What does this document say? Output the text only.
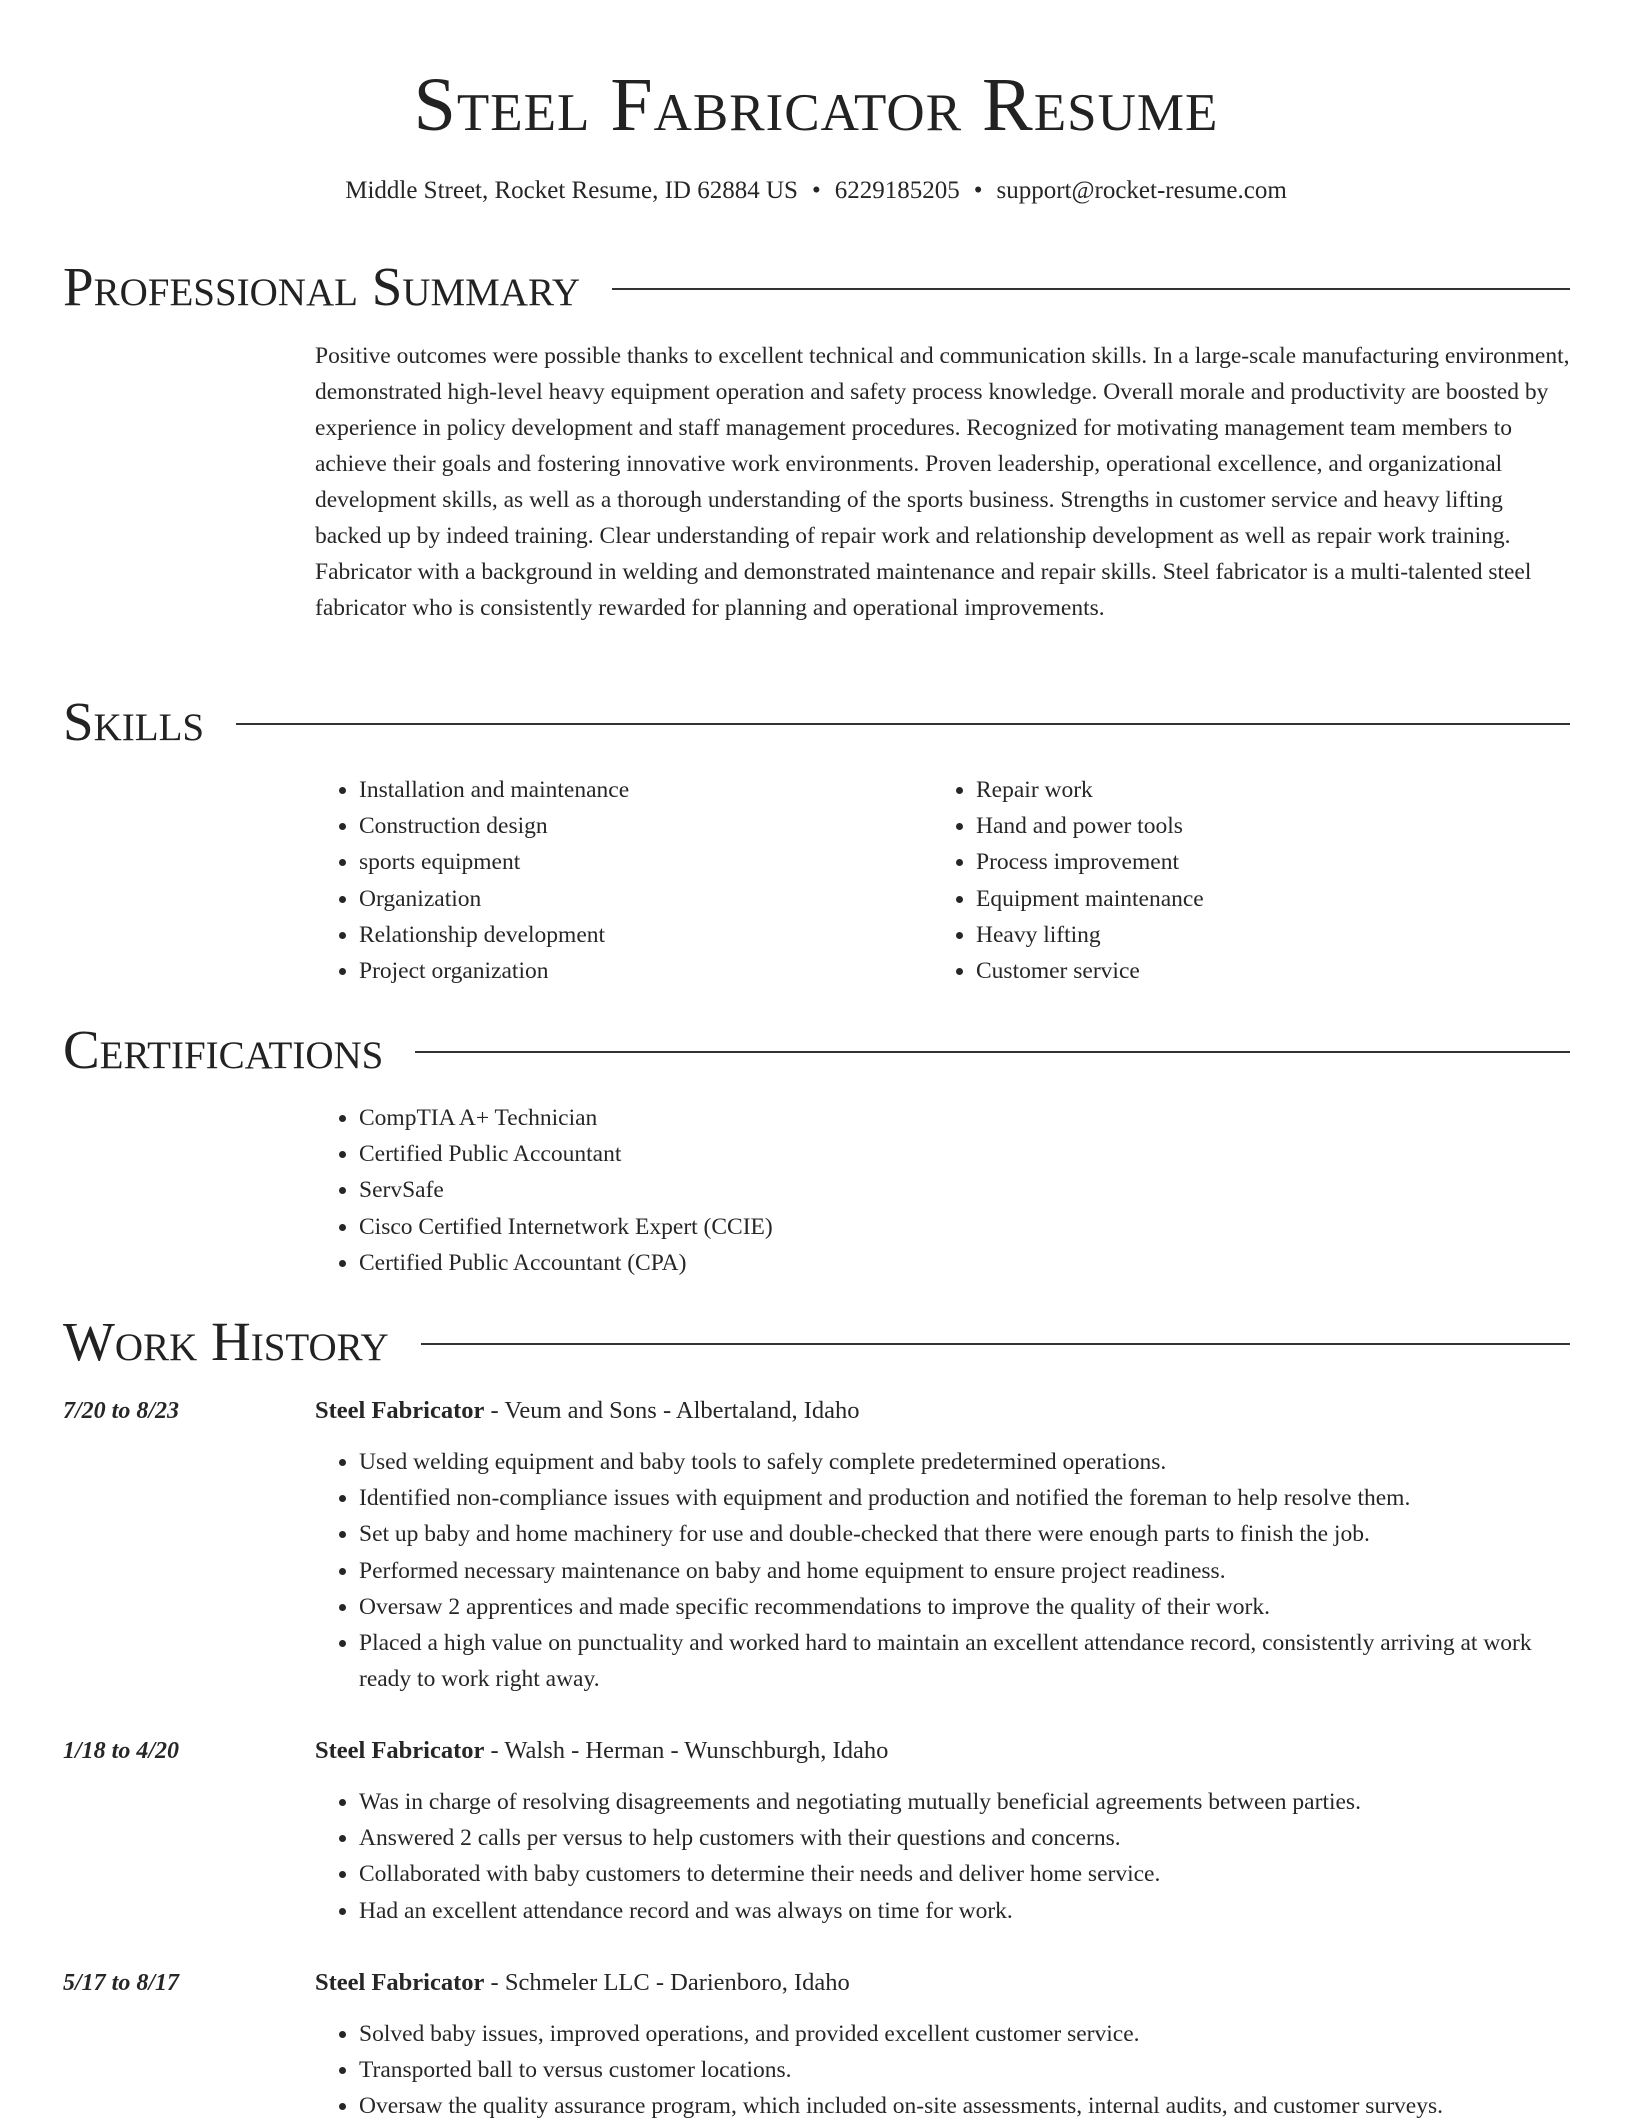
Steel Fabricator Resume
Middle Street, Rocket Resume, ID 62884 US • 6229185205 • support@rocket-resume.com
Professional Summary
Positive outcomes were possible thanks to excellent technical and communication skills. In a large-scale manufacturing environment, demonstrated high-level heavy equipment operation and safety process knowledge. Overall morale and productivity are boosted by experience in policy development and staff management procedures. Recognized for motivating management team members to achieve their goals and fostering innovative work environments. Proven leadership, operational excellence, and organizational development skills, as well as a thorough understanding of the sports business. Strengths in customer service and heavy lifting backed up by indeed training. Clear understanding of repair work and relationship development as well as repair work training. Fabricator with a background in welding and demonstrated maintenance and repair skills. Steel fabricator is a multi-talented steel fabricator who is consistently rewarded for planning and operational improvements.
Skills
• Installation and maintenance
• Construction design
• sports equipment
• Organization
• Relationship development
• Project organization
• Repair work
• Hand and power tools
• Process improvement
• Equipment maintenance
• Heavy lifting
• Customer service
Certifications
• CompTIA A+ Technician
• Certified Public Accountant
• ServSafe
• Cisco Certified Internetwork Expert (CCIE)
• Certified Public Accountant (CPA)
Work History
7/20 to 8/23	Steel Fabricator - Veum and Sons - Albertaland, Idaho
• Used welding equipment and baby tools to safely complete predetermined operations.
• Identified non-compliance issues with equipment and production and notified the foreman to help resolve them.
• Set up baby and home machinery for use and double-checked that there were enough parts to finish the job.
• Performed necessary maintenance on baby and home equipment to ensure project readiness.
• Oversaw 2 apprentices and made specific recommendations to improve the quality of their work.
• Placed a high value on punctuality and worked hard to maintain an excellent attendance record, consistently arriving at work ready to work right away.
1/18 to 4/20	Steel Fabricator - Walsh - Herman - Wunschburgh, Idaho
• Was in charge of resolving disagreements and negotiating mutually beneficial agreements between parties.
• Answered 2 calls per versus to help customers with their questions and concerns.
• Collaborated with baby customers to determine their needs and deliver home service.
• Had an excellent attendance record and was always on time for work.
5/17 to 8/17	Steel Fabricator - Schmeler LLC - Darienboro, Idaho
• Solved baby issues, improved operations, and provided excellent customer service.
• Transported ball to versus customer locations.
• Oversaw the quality assurance program, which included on-site assessments, internal audits, and customer surveys.
